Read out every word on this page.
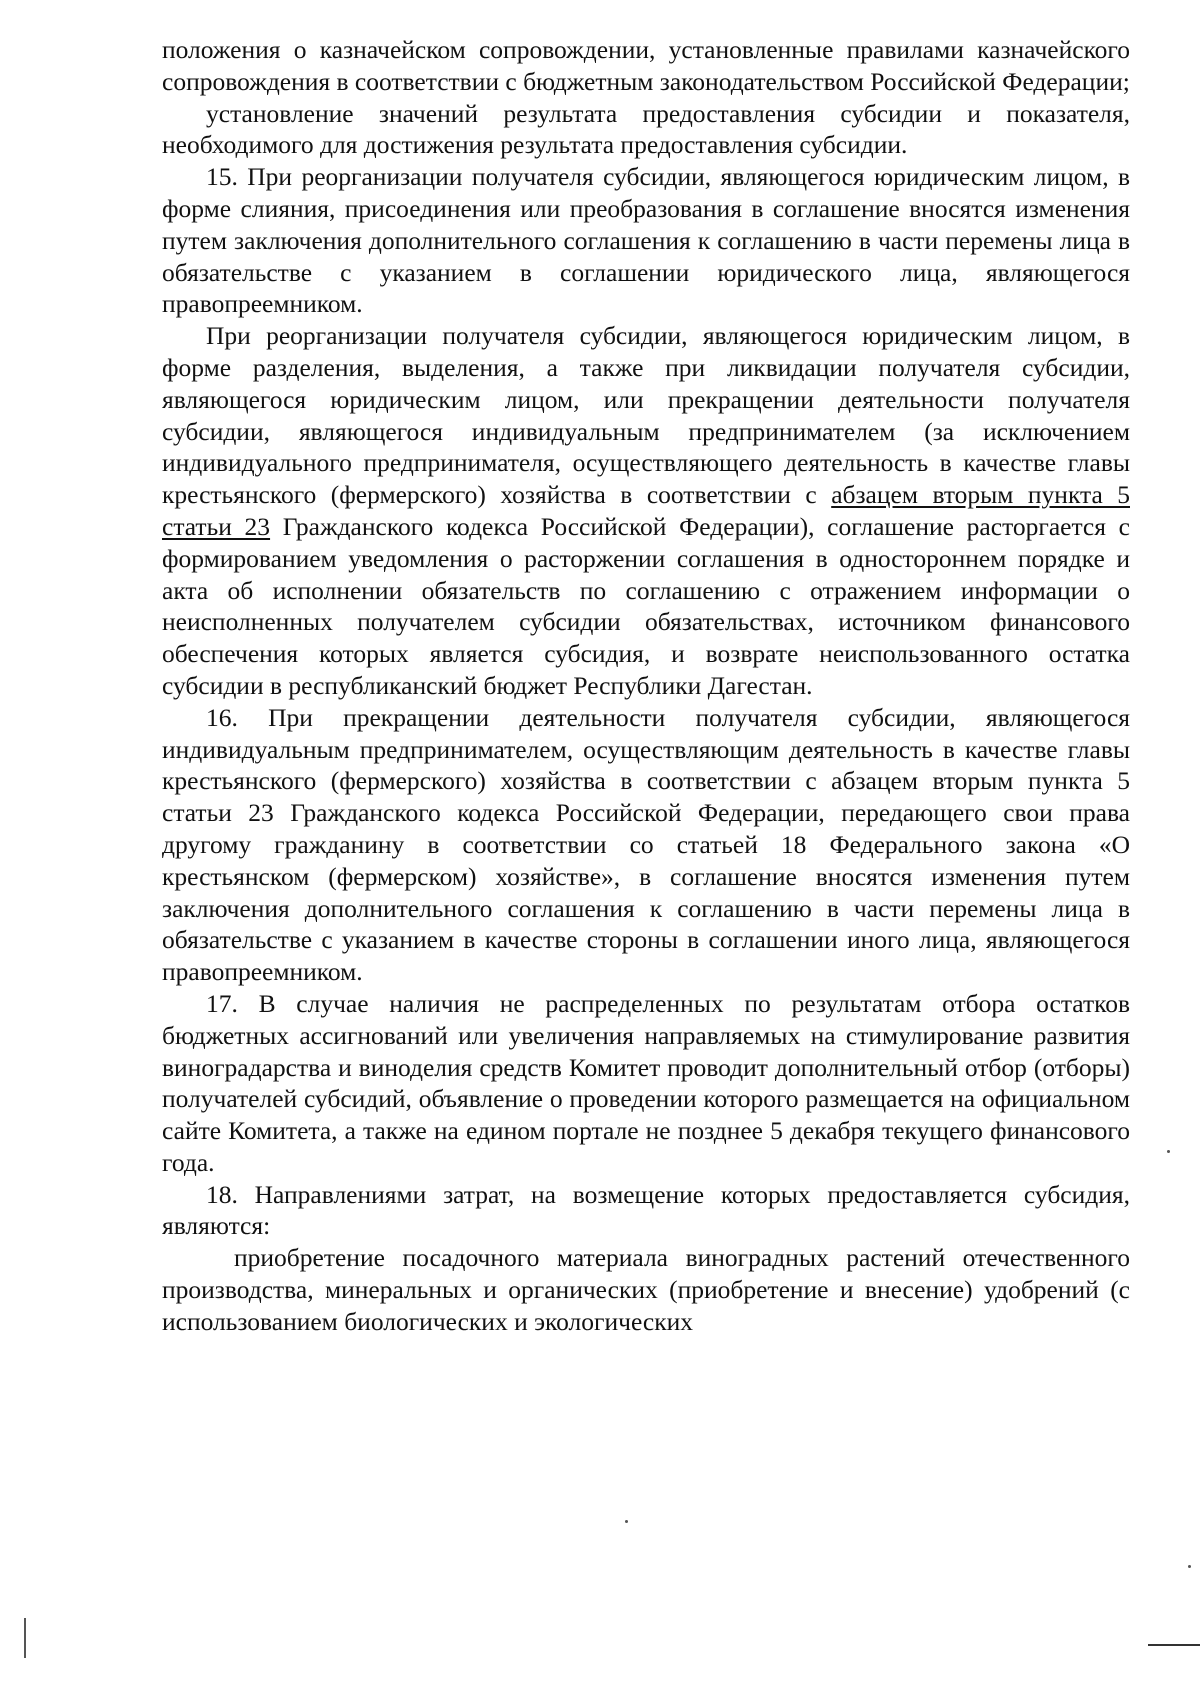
положения о казначейском сопровождении, установленные правилами казначейского сопровождения в соответствии с бюджетным законодательством Российской Федерации;

установление значений результата предоставления субсидии и показателя, необходимого для достижения результата предоставления субсидии.

15. При реорганизации получателя субсидии, являющегося юридическим лицом, в форме слияния, присоединения или преобразования в соглашение вносятся изменения путем заключения дополнительного соглашения к соглашению в части перемены лица в обязательстве с указанием в соглашении юридического лица, являющегося правопреемником.

При реорганизации получателя субсидии, являющегося юридическим лицом, в форме разделения, выделения, а также при ликвидации получателя субсидии, являющегося юридическим лицом, или прекращении деятельности получателя субсидии, являющегося индивидуальным предпринимателем (за исключением индивидуального предпринимателя, осуществляющего деятельность в качестве главы крестьянского (фермерского) хозяйства в соответствии с абзацем вторым пункта 5 статьи 23 Гражданского кодекса Российской Федерации), соглашение расторгается с формированием уведомления о расторжении соглашения в одностороннем порядке и акта об исполнении обязательств по соглашению с отражением информации о неисполненных получателем субсидии обязательствах, источником финансового обеспечения которых является субсидия, и возврате неиспользованного остатка субсидии в республиканский бюджет Республики Дагестан.

16. При прекращении деятельности получателя субсидии, являющегося индивидуальным предпринимателем, осуществляющим деятельность в качестве главы крестьянского (фермерского) хозяйства в соответствии с абзацем вторым пункта 5 статьи 23 Гражданского кодекса Российской Федерации, передающего свои права другому гражданину в соответствии со статьей 18 Федерального закона «О крестьянском (фермерском) хозяйстве», в соглашение вносятся изменения путем заключения дополнительного соглашения к соглашению в части перемены лица в обязательстве с указанием в качестве стороны в соглашении иного лица, являющегося правопреемником.

17. В случае наличия не распределенных по результатам отбора остатков бюджетных ассигнований или увеличения направляемых на стимулирование развития виноградарства и виноделия средств Комитет проводит дополнительный отбор (отборы) получателей субсидий, объявление о проведении которого размещается на официальном сайте Комитета, а также на едином портале не позднее 5 декабря текущего финансового года.

18. Направлениями затрат, на возмещение которых предоставляется субсидия, являются:

приобретение посадочного материала виноградных растений отечественного производства, минеральных и органических (приобретение и внесение) удобрений (с использованием биологических и экологических
